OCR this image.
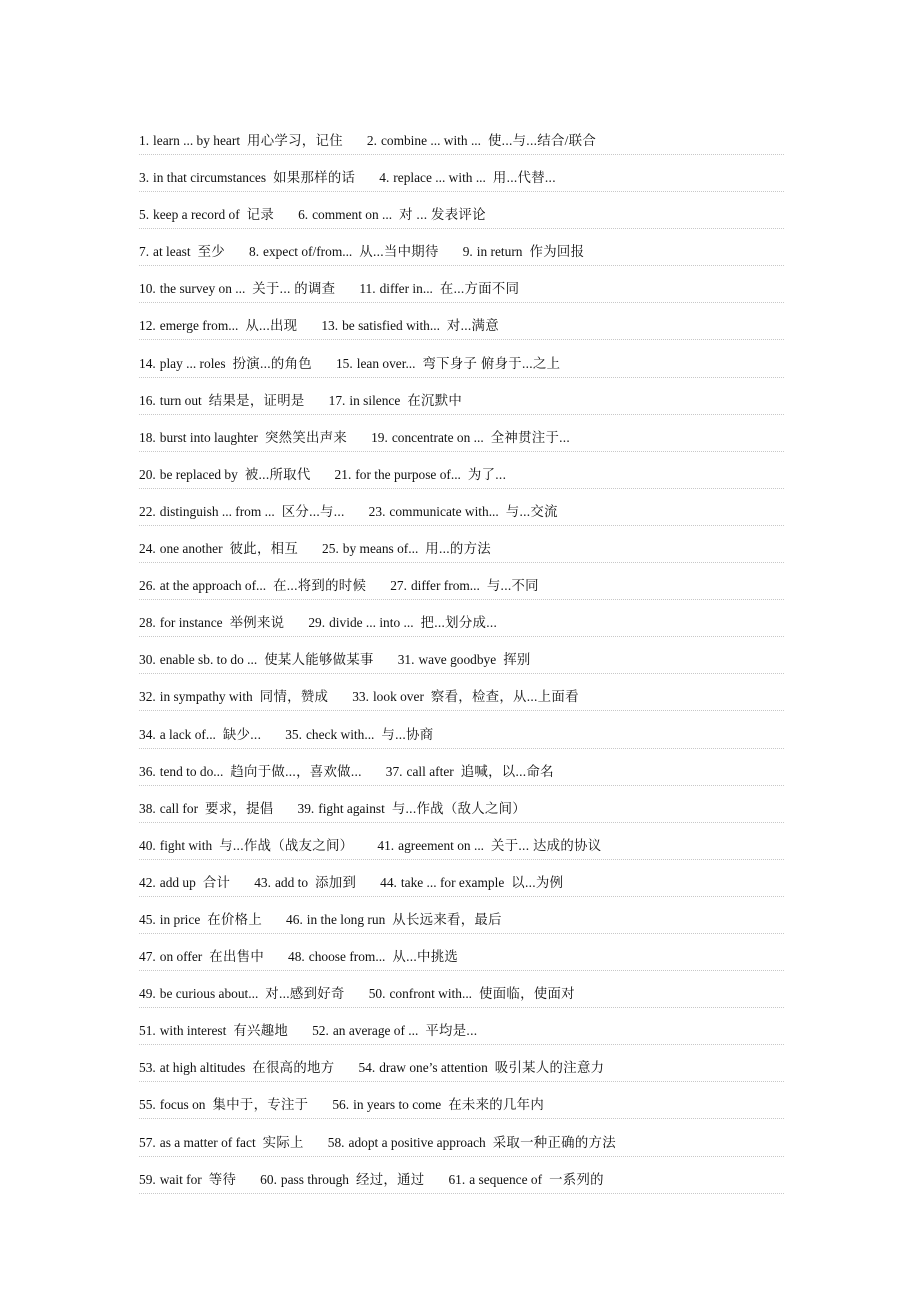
1. learn ... by heart 用心学习，记住 2. combine ... with ... 使...与...结合/联合
3. in that circumstances 如果那样的话 4. replace ... with ... 用...代替...
5. keep a record of 记录 6. comment on ... 对 ... 发表评论
7. at least 至少 8. expect of/from... 从...当中期待 9. in return 作为回报
10. the survey on ... 关于... 的调查 11. differ in... 在...方面不同
12. emerge from... 从...出现 13. be satisfied with... 对...满意
14. play ... roles 扮演...的角色 15. lean over... 弯下身子 俯身于...之上
16. turn out 结果是，证明是 17. in silence 在沉默中
18. burst into laughter 突然笑出声来 19. concentrate on ... 全神贯注于...
20. be replaced by 被...所取代 21. for the purpose of... 为了...
22. distinguish ... from ... 区分...与... 23. communicate with... 与...交流
24. one another 彼此，相互 25. by means of... 用...的方法
26. at the approach of... 在...将到的时候 27. differ from... 与...不同
28. for instance 举例来说 29. divide ... into ... 把...划分成...
30. enable sb. to do ... 使某人能够做某事 31. wave goodbye 挥别
32. in sympathy with 同情，赞成 33. look over 察看，检查，从...上面看
34. a lack of... 缺少... 35. check with... 与...协商
36. tend to do... 趋向于做...，喜欢做... 37. call after 追喊，以...命名
38. call for 要求，提倡 39. fight against 与...作战（敌人之间）
40. fight with 与...作战（战友之间） 41. agreement on ... 关于... 达成的协议
42. add up 合计 43. add to 添加到 44. take ... for example 以...为例
45. in price 在价格上 46. in the long run 从长远来看，最后
47. on offer 在出售中 48. choose from... 从...中挑选
49. be curious about... 对...感到好奇 50. confront with... 使面临，使面对
51. with interest 有兴趣地 52. an average of ... 平均是...
53. at high altitudes 在很高的地方 54. draw one’s attention 吸引某人的注意力
55. focus on 集中于，专注于 56. in years to come 在未来的几年内
57. as a matter of fact 实际上 58. adopt a positive approach 采取一种正确的方法
59. wait for 等待 60. pass through 经过，通过 61. a sequence of 一系列的
